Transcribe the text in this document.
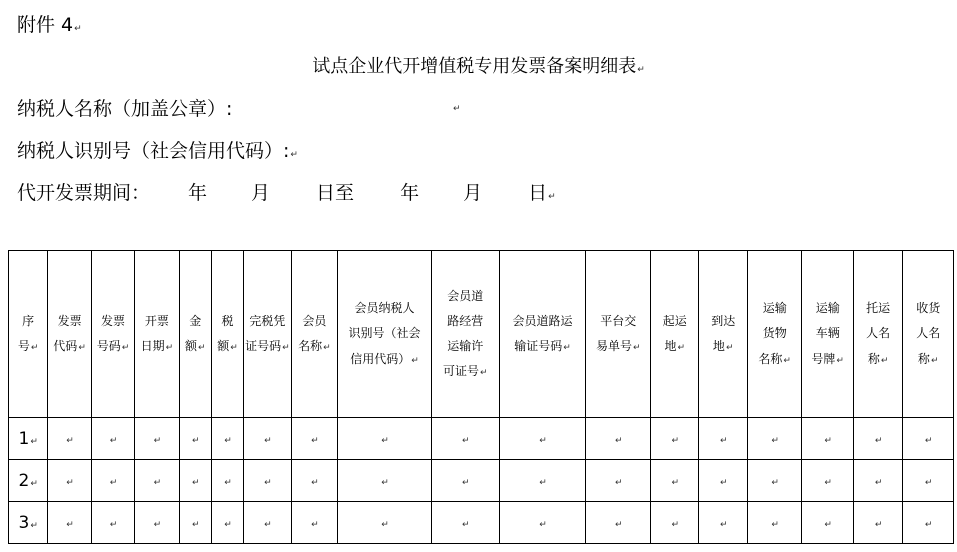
附件 4↵
试点企业代开增值税专用发票备案明细表↵
纳税人名称（加盖公章）:	↵
纳税人识别号（社会信用代码）:↵
代开发票期间： 年 月 日至 年 月 日↵
序
号↵	发票
代码↵	发票
号码↵	开票
日期↵	金
额↵	税
额↵	完税凭
证号码↵	会员
名称↵	会员纳税人
识别号（社会
信用代码）↵	会员道
路经营
运输许
可证号↵	会员道路运
输证号码↵	平台交
易单号↵	起运
地↵	到达
地↵	运输
货物
名称↵	运输
车辆
号牌↵	托运
人名
称↵	收货
人名
称↵

1↵	↵	↵	↵	↵	↵	↵	↵	↵	↵	↵	↵	↵	↵	↵	↵	↵	↵
2↵	↵	↵	↵	↵	↵	↵	↵	↵	↵	↵	↵	↵	↵	↵	↵	↵	↵
3↵	↵	↵	↵	↵	↵	↵	↵	↵	↵	↵	↵	↵	↵	↵	↵	↵	↵
